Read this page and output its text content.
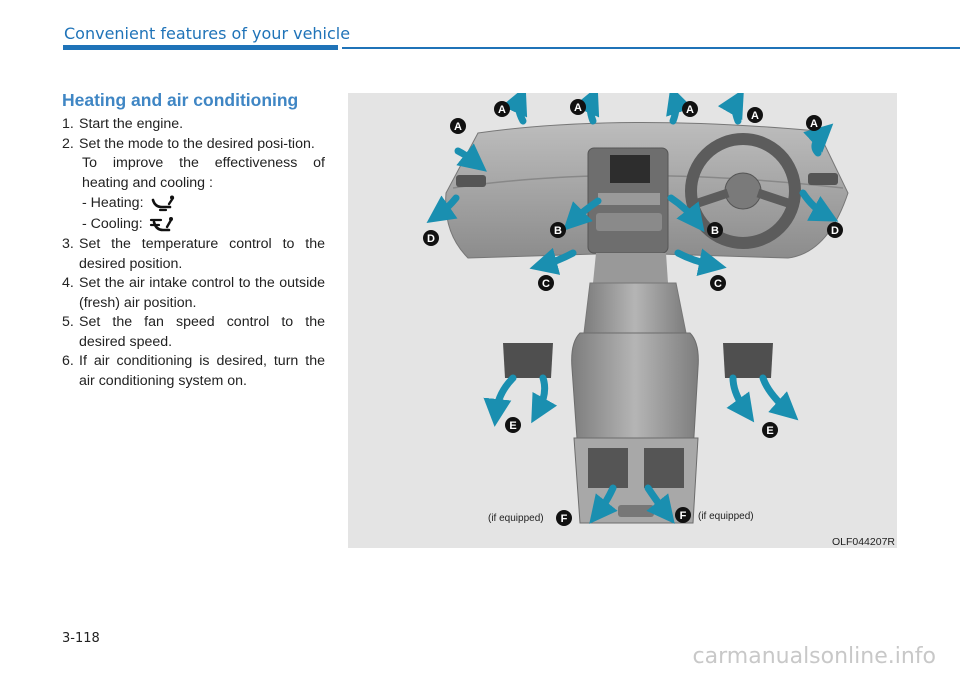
Convenient features of your vehicle
Heating and air conditioning
1. Start the engine.
2. Set the mode to the desired posi-tion.
To improve the effectiveness of heating and cooling :
- Heating:
- Cooling:
3. Set the temperature control to the desired position.
4. Set the air intake control to the outside (fresh) air position.
5. Set the fan speed control to the desired speed.
6. If air conditioning is desired, turn the air conditioning system on.
A	A	A	A
A	A
D
D
B	B
C	C
E	E
F	F
(if equipped)	(if equipped)
OLF044207R
3-118
carmanualsonline.info
